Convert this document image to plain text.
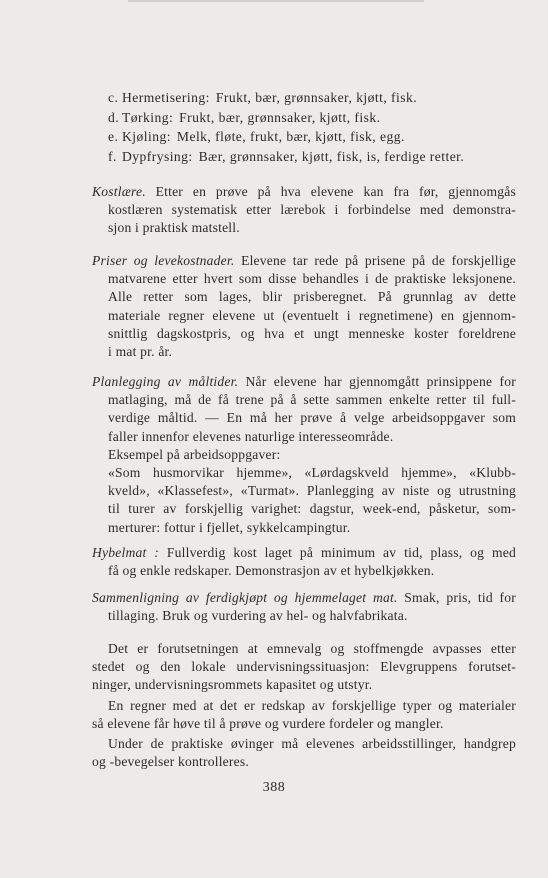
c. Hermetisering: Frukt, bær, grønnsaker, kjøtt, fisk.
d. Tørking: Frukt, bær, grønnsaker, kjøtt, fisk.
e. Kjøling: Melk, fløte, frukt, bær, kjøtt, fisk, egg.
f. Dypfrysing: Bær, grønnsaker, kjøtt, fisk, is, ferdige retter.
Kostlære. Etter en prøve på hva elevene kan fra før, gjennomgås
kostlæren systematisk etter lærebok i forbindelse med demonstra-
sjon i praktisk matstell.
Priser og levekostnader. Elevene tar rede på prisene på de forskjellige
matvarene etter hvert som disse behandles i de praktiske leksjonene.
Alle retter som lages, blir prisberegnet. På grunnlag av dette
materiale regner elevene ut (eventuelt i regnetimene) en gjennom-
snittlig dagskostpris, og hva et ungt menneske koster foreldrene
i mat pr. år.
Planlegging av måltider. Når elevene har gjennomgått prinsippene for
matlaging, må de få trene på å sette sammen enkelte retter til full-
verdige måltid. — En må her prøve å velge arbeidsoppgaver som
faller innenfor elevenes naturlige interesseområde.
Eksempel på arbeidsoppgaver:
«Som husmorvikar hjemme», «Lørdagskveld hjemme», «Klubb-
kveld», «Klassefest», «Turmat». Planlegging av niste og utrustning
til turer av forskjellig varighet: dagstur, week-end, påsketur, som-
merturer: fottur i fjellet, sykkelcampingtur.
Hybelmat : Fullverdig kost laget på minimum av tid, plass, og med
få og enkle redskaper. Demonstrasjon av et hybelkjøkken.
Sammenligning av ferdigkjøpt og hjemmelaget mat. Smak, pris, tid for
tillaging. Bruk og vurdering av hel- og halvfabrikata.
Det er forutsetningen at emnevalg og stoffmengde avpasses etter
stedet og den lokale undervisningssituasjon: Elevgruppens forutset-
ninger, undervisningsrommets kapasitet og utstyr.
En regner med at det er redskap av forskjellige typer og materialer
så elevene får høve til å prøve og vurdere fordeler og mangler.
Under de praktiske øvinger må elevenes arbeidsstillinger, handgrep
og -bevegelser kontrolleres.
388
